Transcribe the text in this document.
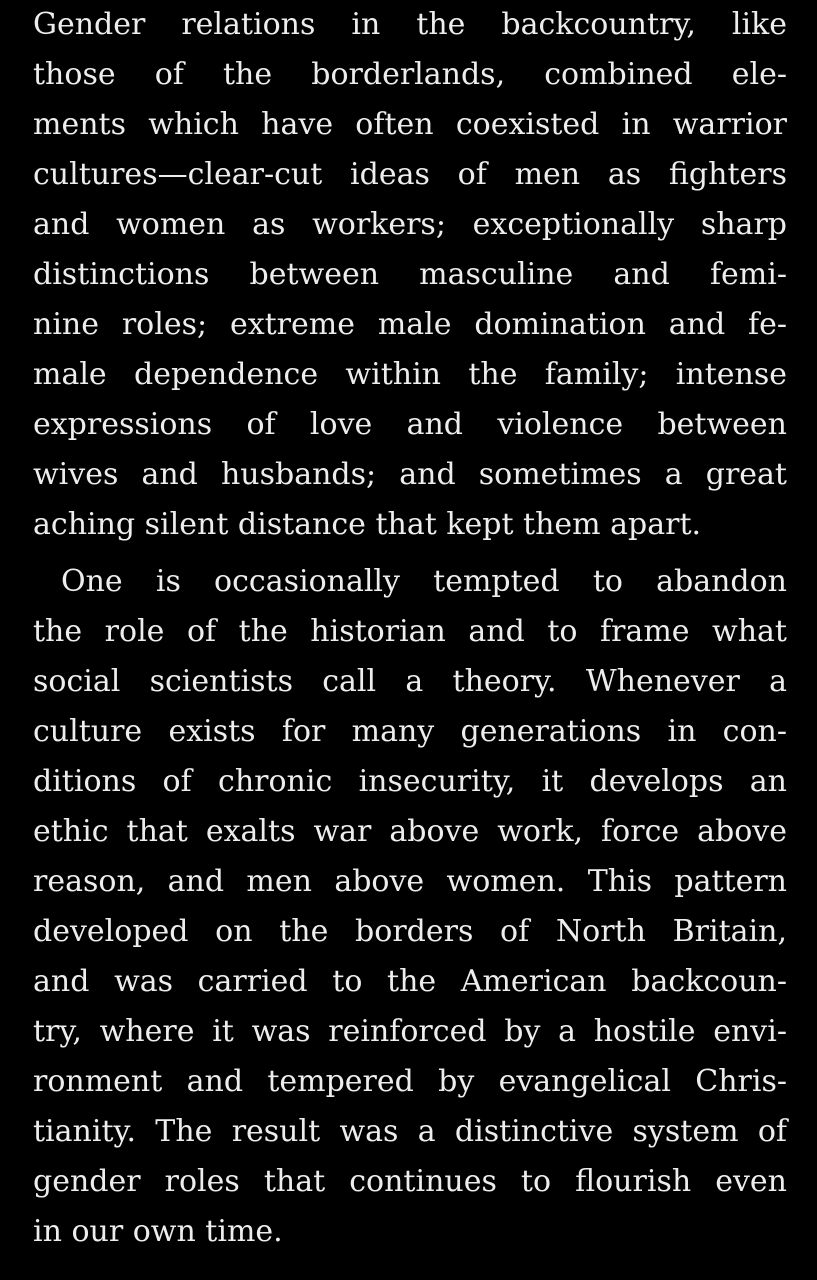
Gender relations in the backcountry, like
those of the borderlands, combined ele-
ments which have often coexisted in warrior
cultures—clear-cut ideas of men as fighters
and women as workers; exceptionally sharp
distinctions between masculine and femi-
nine roles; extreme male domination and fe-
male dependence within the family; intense
expressions of love and violence between
wives and husbands; and sometimes a great
aching silent distance that kept them apart.
One is occasionally tempted to abandon
the role of the historian and to frame what
social scientists call a theory. Whenever a
culture exists for many generations in con-
ditions of chronic insecurity, it develops an
ethic that exalts war above work, force above
reason, and men above women. This pattern
developed on the borders of North Britain,
and was carried to the American backcoun-
try, where it was reinforced by a hostile envi-
ronment and tempered by evangelical Chris-
tianity. The result was a distinctive system of
gender roles that continues to flourish even
in our own time.
